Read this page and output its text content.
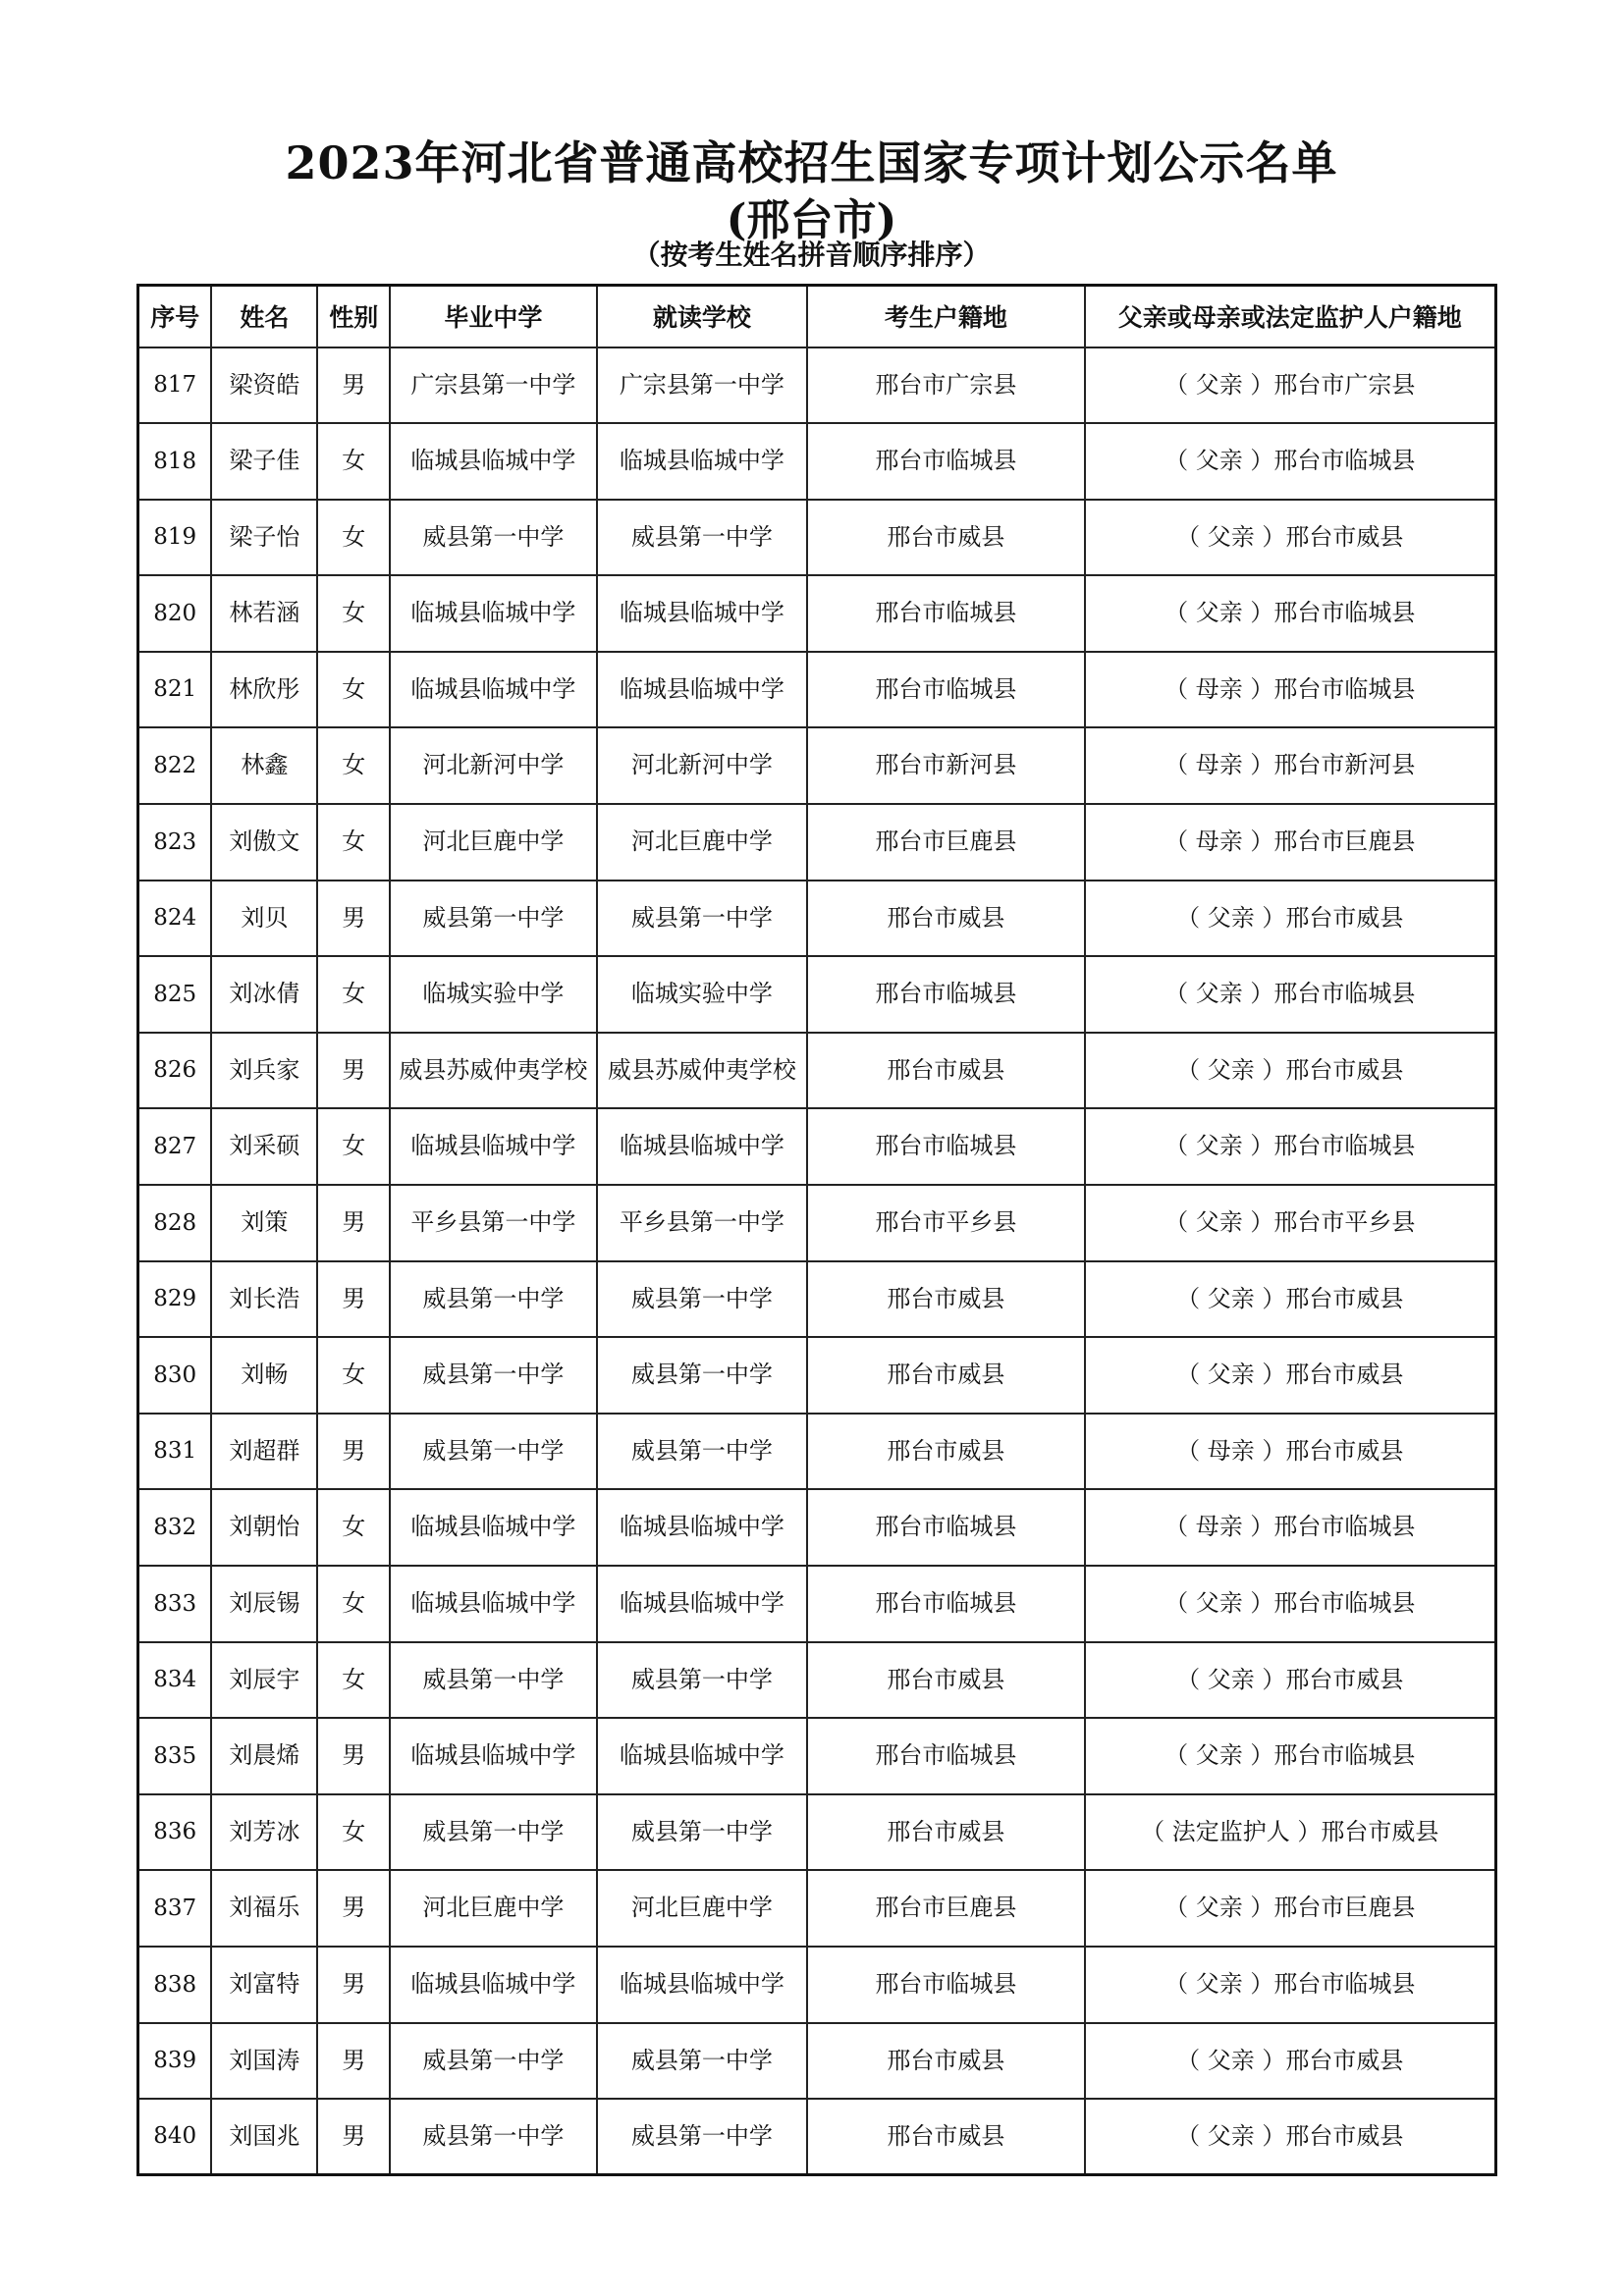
2023年河北省普通高校招生国家专项计划公示名单
(邢台市)
（按考生姓名拼音顺序排序）
序号	姓名	性别	毕业中学	就读学校	考生户籍地	父亲或母亲或法定监护人户籍地
817	梁资皓	男	广宗县第一中学	广宗县第一中学	邢台市广宗县	（ 父亲 ）邢台市广宗县
818	梁子佳	女	临城县临城中学	临城县临城中学	邢台市临城县	（ 父亲 ）邢台市临城县
819	梁子怡	女	威县第一中学	威县第一中学	邢台市威县	（ 父亲 ）邢台市威县
820	林若涵	女	临城县临城中学	临城县临城中学	邢台市临城县	（ 父亲 ）邢台市临城县
821	林欣彤	女	临城县临城中学	临城县临城中学	邢台市临城县	（ 母亲 ）邢台市临城县
822	林鑫	女	河北新河中学	河北新河中学	邢台市新河县	（ 母亲 ）邢台市新河县
823	刘傲文	女	河北巨鹿中学	河北巨鹿中学	邢台市巨鹿县	（ 母亲 ）邢台市巨鹿县
824	刘贝	男	威县第一中学	威县第一中学	邢台市威县	（ 父亲 ）邢台市威县
825	刘冰倩	女	临城实验中学	临城实验中学	邢台市临城县	（ 父亲 ）邢台市临城县
826	刘兵家	男	威县苏威仲夷学校	威县苏威仲夷学校	邢台市威县	（ 父亲 ）邢台市威县
827	刘采硕	女	临城县临城中学	临城县临城中学	邢台市临城县	（ 父亲 ）邢台市临城县
828	刘策	男	平乡县第一中学	平乡县第一中学	邢台市平乡县	（ 父亲 ）邢台市平乡县
829	刘长浩	男	威县第一中学	威县第一中学	邢台市威县	（ 父亲 ）邢台市威县
830	刘畅	女	威县第一中学	威县第一中学	邢台市威县	（ 父亲 ）邢台市威县
831	刘超群	男	威县第一中学	威县第一中学	邢台市威县	（ 母亲 ）邢台市威县
832	刘朝怡	女	临城县临城中学	临城县临城中学	邢台市临城县	（ 母亲 ）邢台市临城县
833	刘辰锡	女	临城县临城中学	临城县临城中学	邢台市临城县	（ 父亲 ）邢台市临城县
834	刘辰宇	女	威县第一中学	威县第一中学	邢台市威县	（ 父亲 ）邢台市威县
835	刘晨烯	男	临城县临城中学	临城县临城中学	邢台市临城县	（ 父亲 ）邢台市临城县
836	刘芳冰	女	威县第一中学	威县第一中学	邢台市威县	（ 法定监护人 ）邢台市威县
837	刘福乐	男	河北巨鹿中学	河北巨鹿中学	邢台市巨鹿县	（ 父亲 ）邢台市巨鹿县
838	刘富特	男	临城县临城中学	临城县临城中学	邢台市临城县	（ 父亲 ）邢台市临城县
839	刘国涛	男	威县第一中学	威县第一中学	邢台市威县	（ 父亲 ）邢台市威县
840	刘国兆	男	威县第一中学	威县第一中学	邢台市威县	（ 父亲 ）邢台市威县
